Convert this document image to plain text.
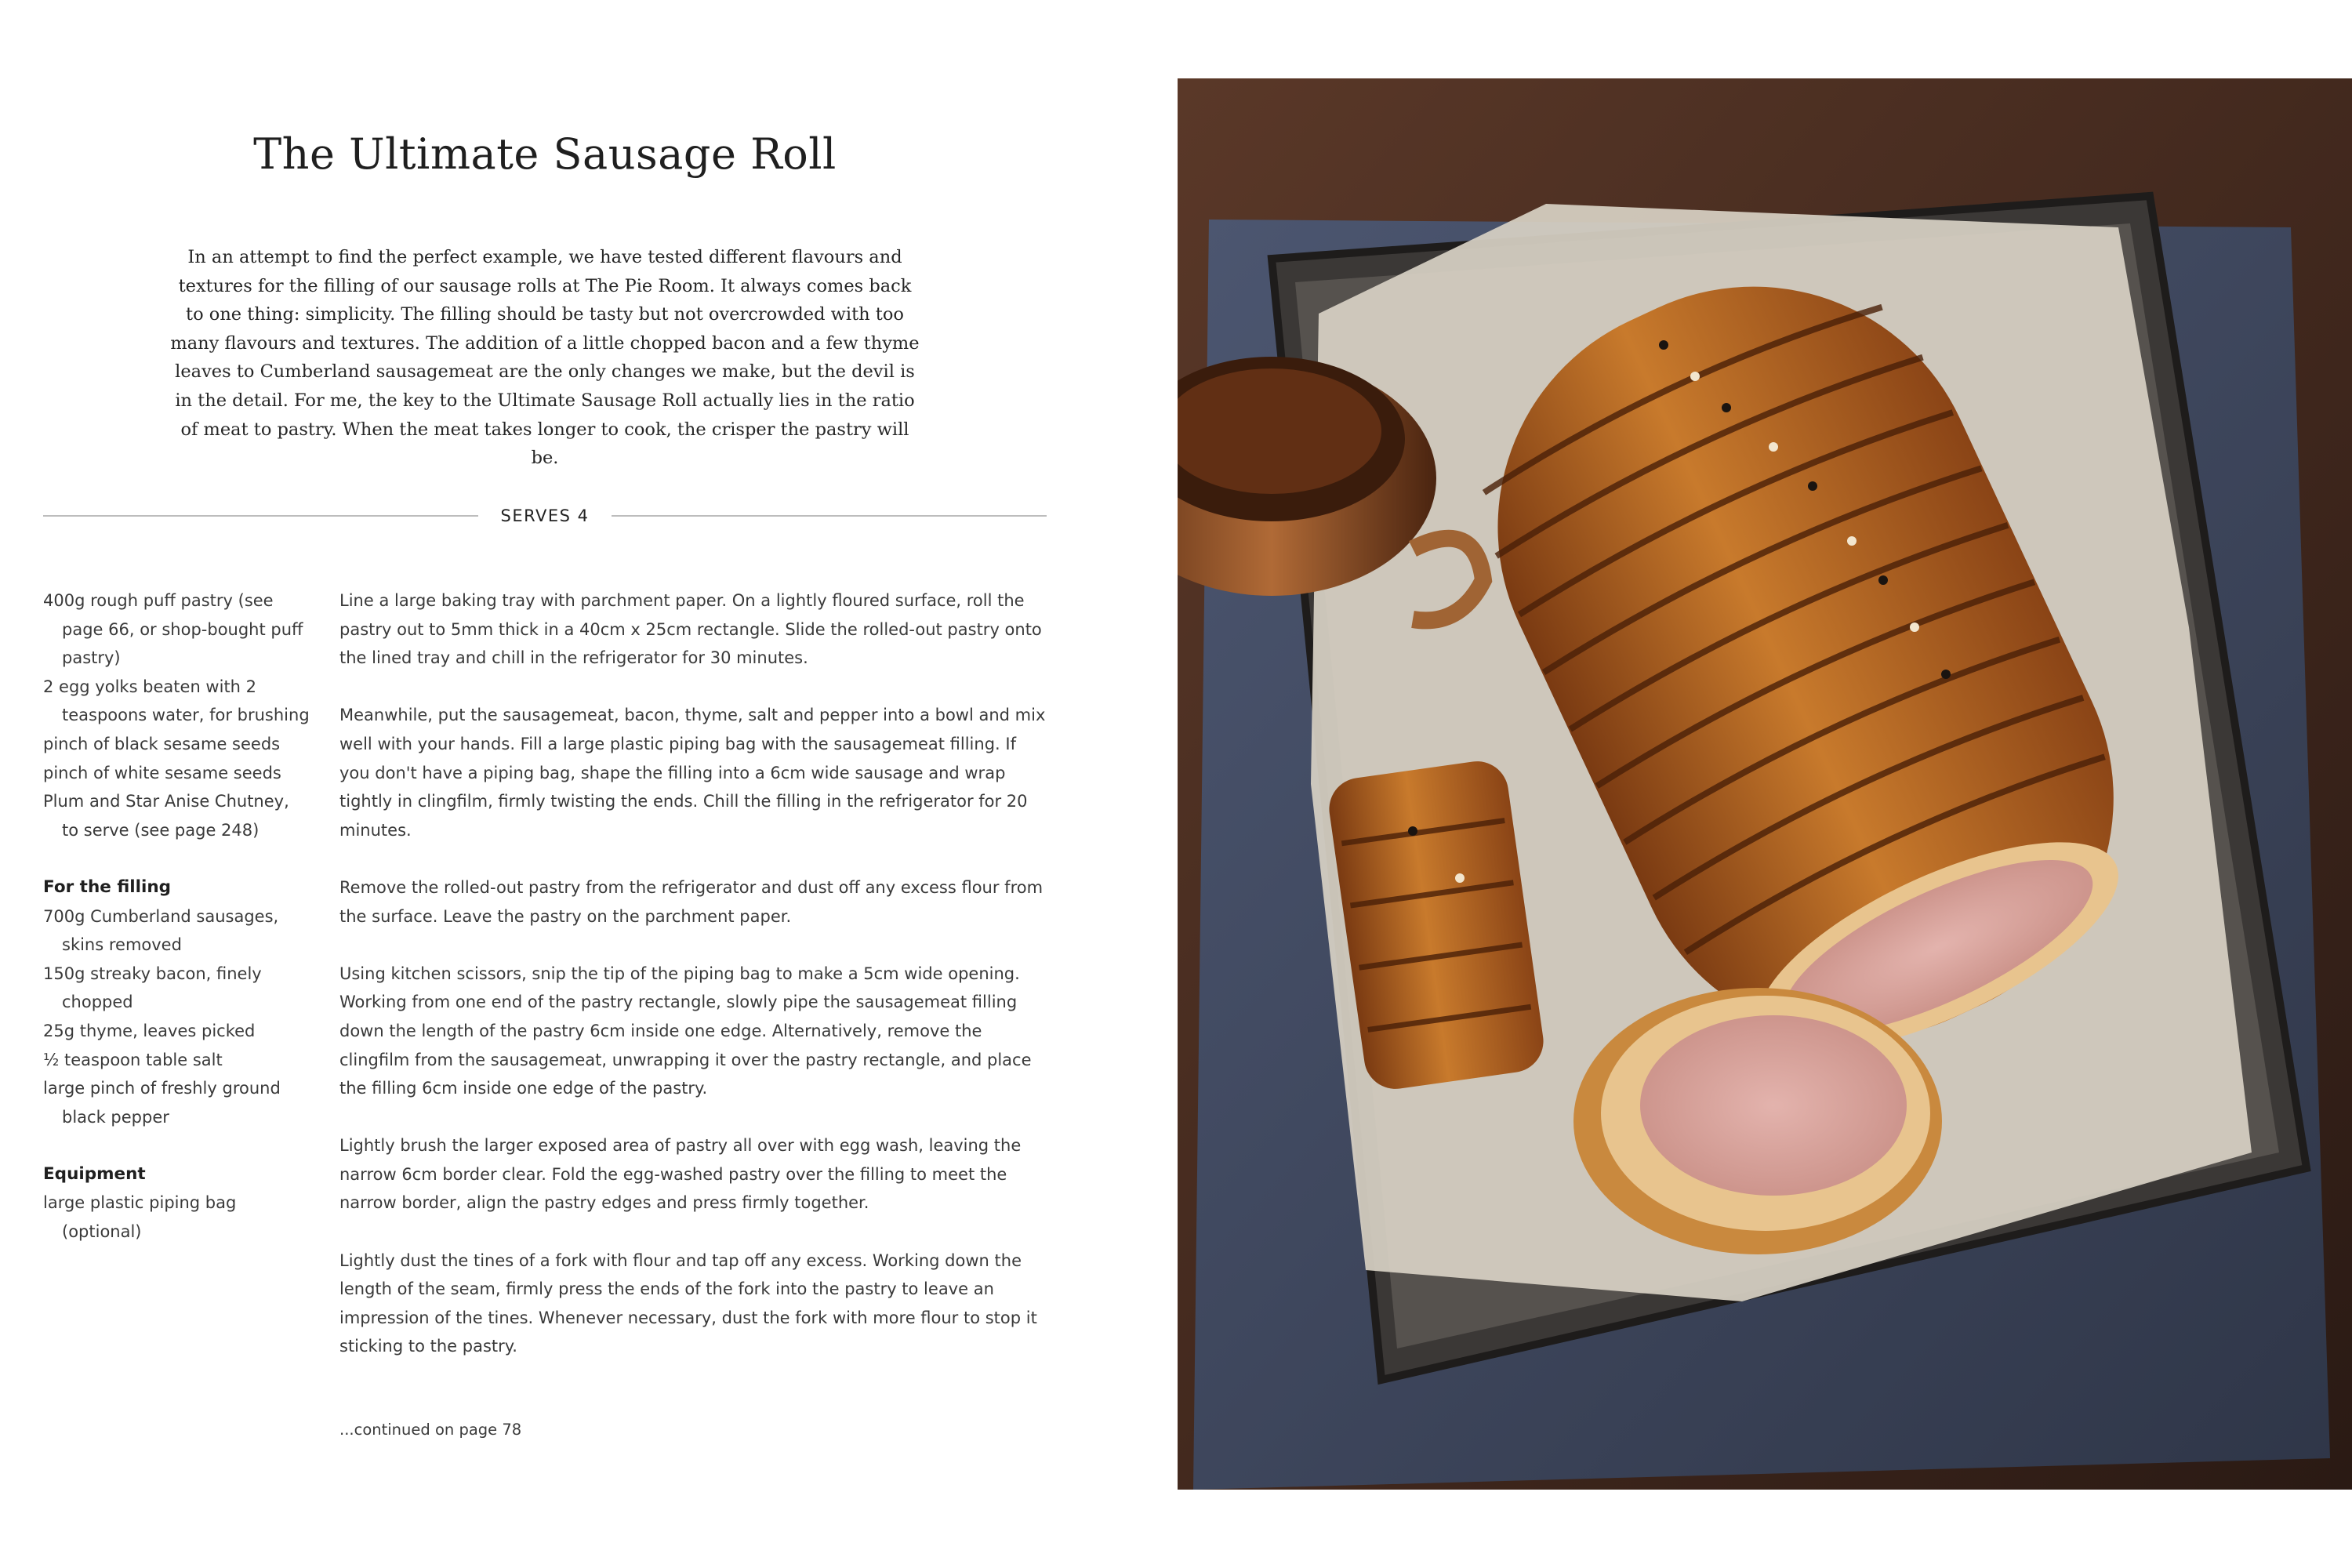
The Ultimate Sausage Roll

In an attempt to find the perfect example, we have tested different flavours and textures for the filling of our sausage rolls at The Pie Room. It always comes back to one thing: simplicity. The filling should be tasty but not overcrowded with too many flavours and textures. The addition of a little chopped bacon and a few thyme leaves to Cumberland sausagemeat are the only changes we make, but the devil is in the detail. For me, the key to the Ultimate Sausage Roll actually lies in the ratio of meat to pastry. When the meat takes longer to cook, the crisper the pastry will be.

SERVES 4
400g rough puff pastry (see page 66, or shop-bought puff pastry)
2 egg yolks beaten with 2 teaspoons water, for brushing
pinch of black sesame seeds
pinch of white sesame seeds
Plum and Star Anise Chutney, to serve (see page 248)
For the filling
700g Cumberland sausages, skins removed
150g streaky bacon, finely chopped
25g thyme, leaves picked
½ teaspoon table salt
large pinch of freshly ground black pepper
Equipment
large plastic piping bag (optional)

Line a large baking tray with parchment paper. On a lightly floured surface, roll the pastry out to 5mm thick in a 40cm x 25cm rectangle. Slide the rolled-out pastry onto the lined tray and chill in the refrigerator for 30 minutes.

Meanwhile, put the sausagemeat, bacon, thyme, salt and pepper into a bowl and mix well with your hands. Fill a large plastic piping bag with the sausagemeat filling. If you don't have a piping bag, shape the filling into a 6cm wide sausage and wrap tightly in clingfilm, firmly twisting the ends. Chill the filling in the refrigerator for 20 minutes.

Remove the rolled-out pastry from the refrigerator and dust off any excess flour from the surface. Leave the pastry on the parchment paper.

Using kitchen scissors, snip the tip of the piping bag to make a 5cm wide opening. Working from one end of the pastry rectangle, slowly pipe the sausagemeat filling down the length of the pastry 6cm inside one edge. Alternatively, remove the clingfilm from the sausagemeat, unwrapping it over the pastry rectangle, and place the filling 6cm inside one edge of the pastry.

Lightly brush the larger exposed area of pastry all over with egg wash, leaving the narrow 6cm border clear. Fold the egg-washed pastry over the filling to meet the narrow border, align the pastry edges and press firmly together.

Lightly dust the tines of a fork with flour and tap off any excess. Working down the length of the seam, firmly press the ends of the fork into the pastry to leave an impression of the tines. Whenever necessary, dust the fork with more flour to stop it sticking to the pastry.

...continued on page 78
